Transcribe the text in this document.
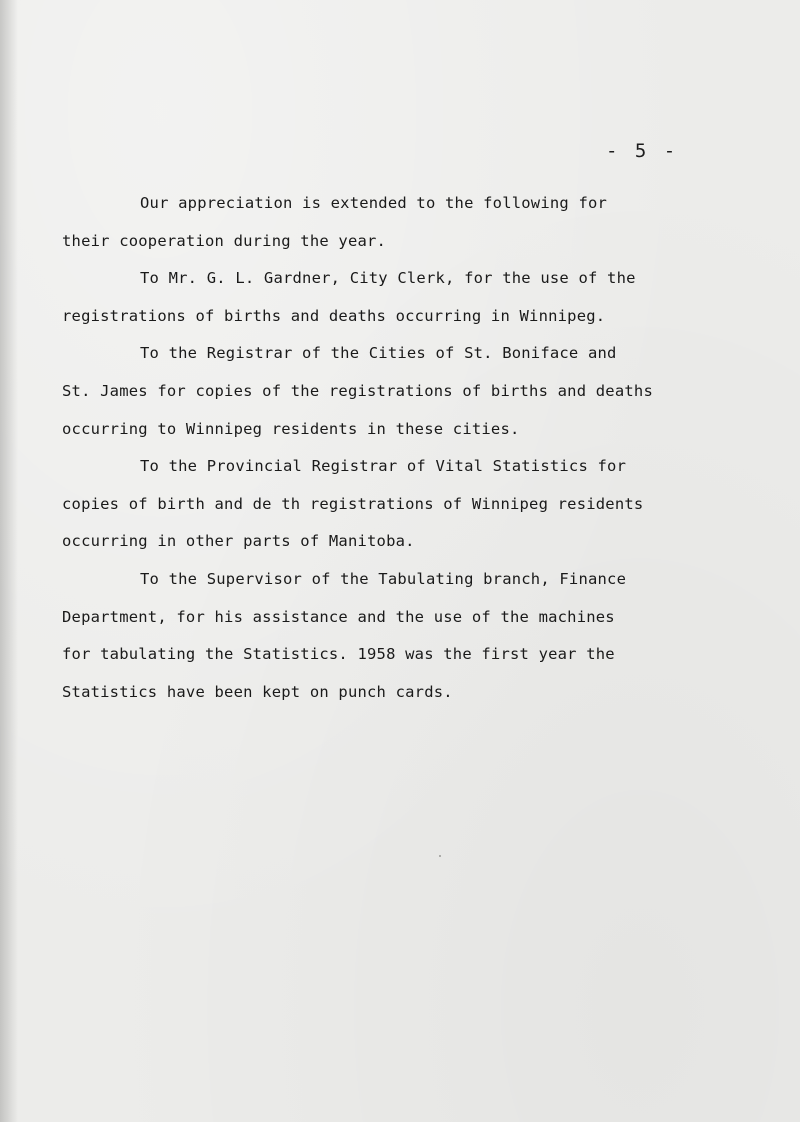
- 5 -
Our appreciation is extended to the following for
their cooperation during the year.
To Mr. G. L. Gardner, City Clerk, for the use of the
registrations of births and deaths occurring in Winnipeg.
To the Registrar of the Cities of St. Boniface and
St. James for copies of the registrations of births and deaths
occurring to Winnipeg residents in these cities.
To the Provincial Registrar of Vital Statistics for
copies of birth and de th registrations of Winnipeg residents
occurring in other parts of Manitoba.
To the Supervisor of the Tabulating branch, Finance
Department, for his assistance and the use of the machines
for tabulating the Statistics. 1958 was the first year the
Statistics have been kept on punch cards.
